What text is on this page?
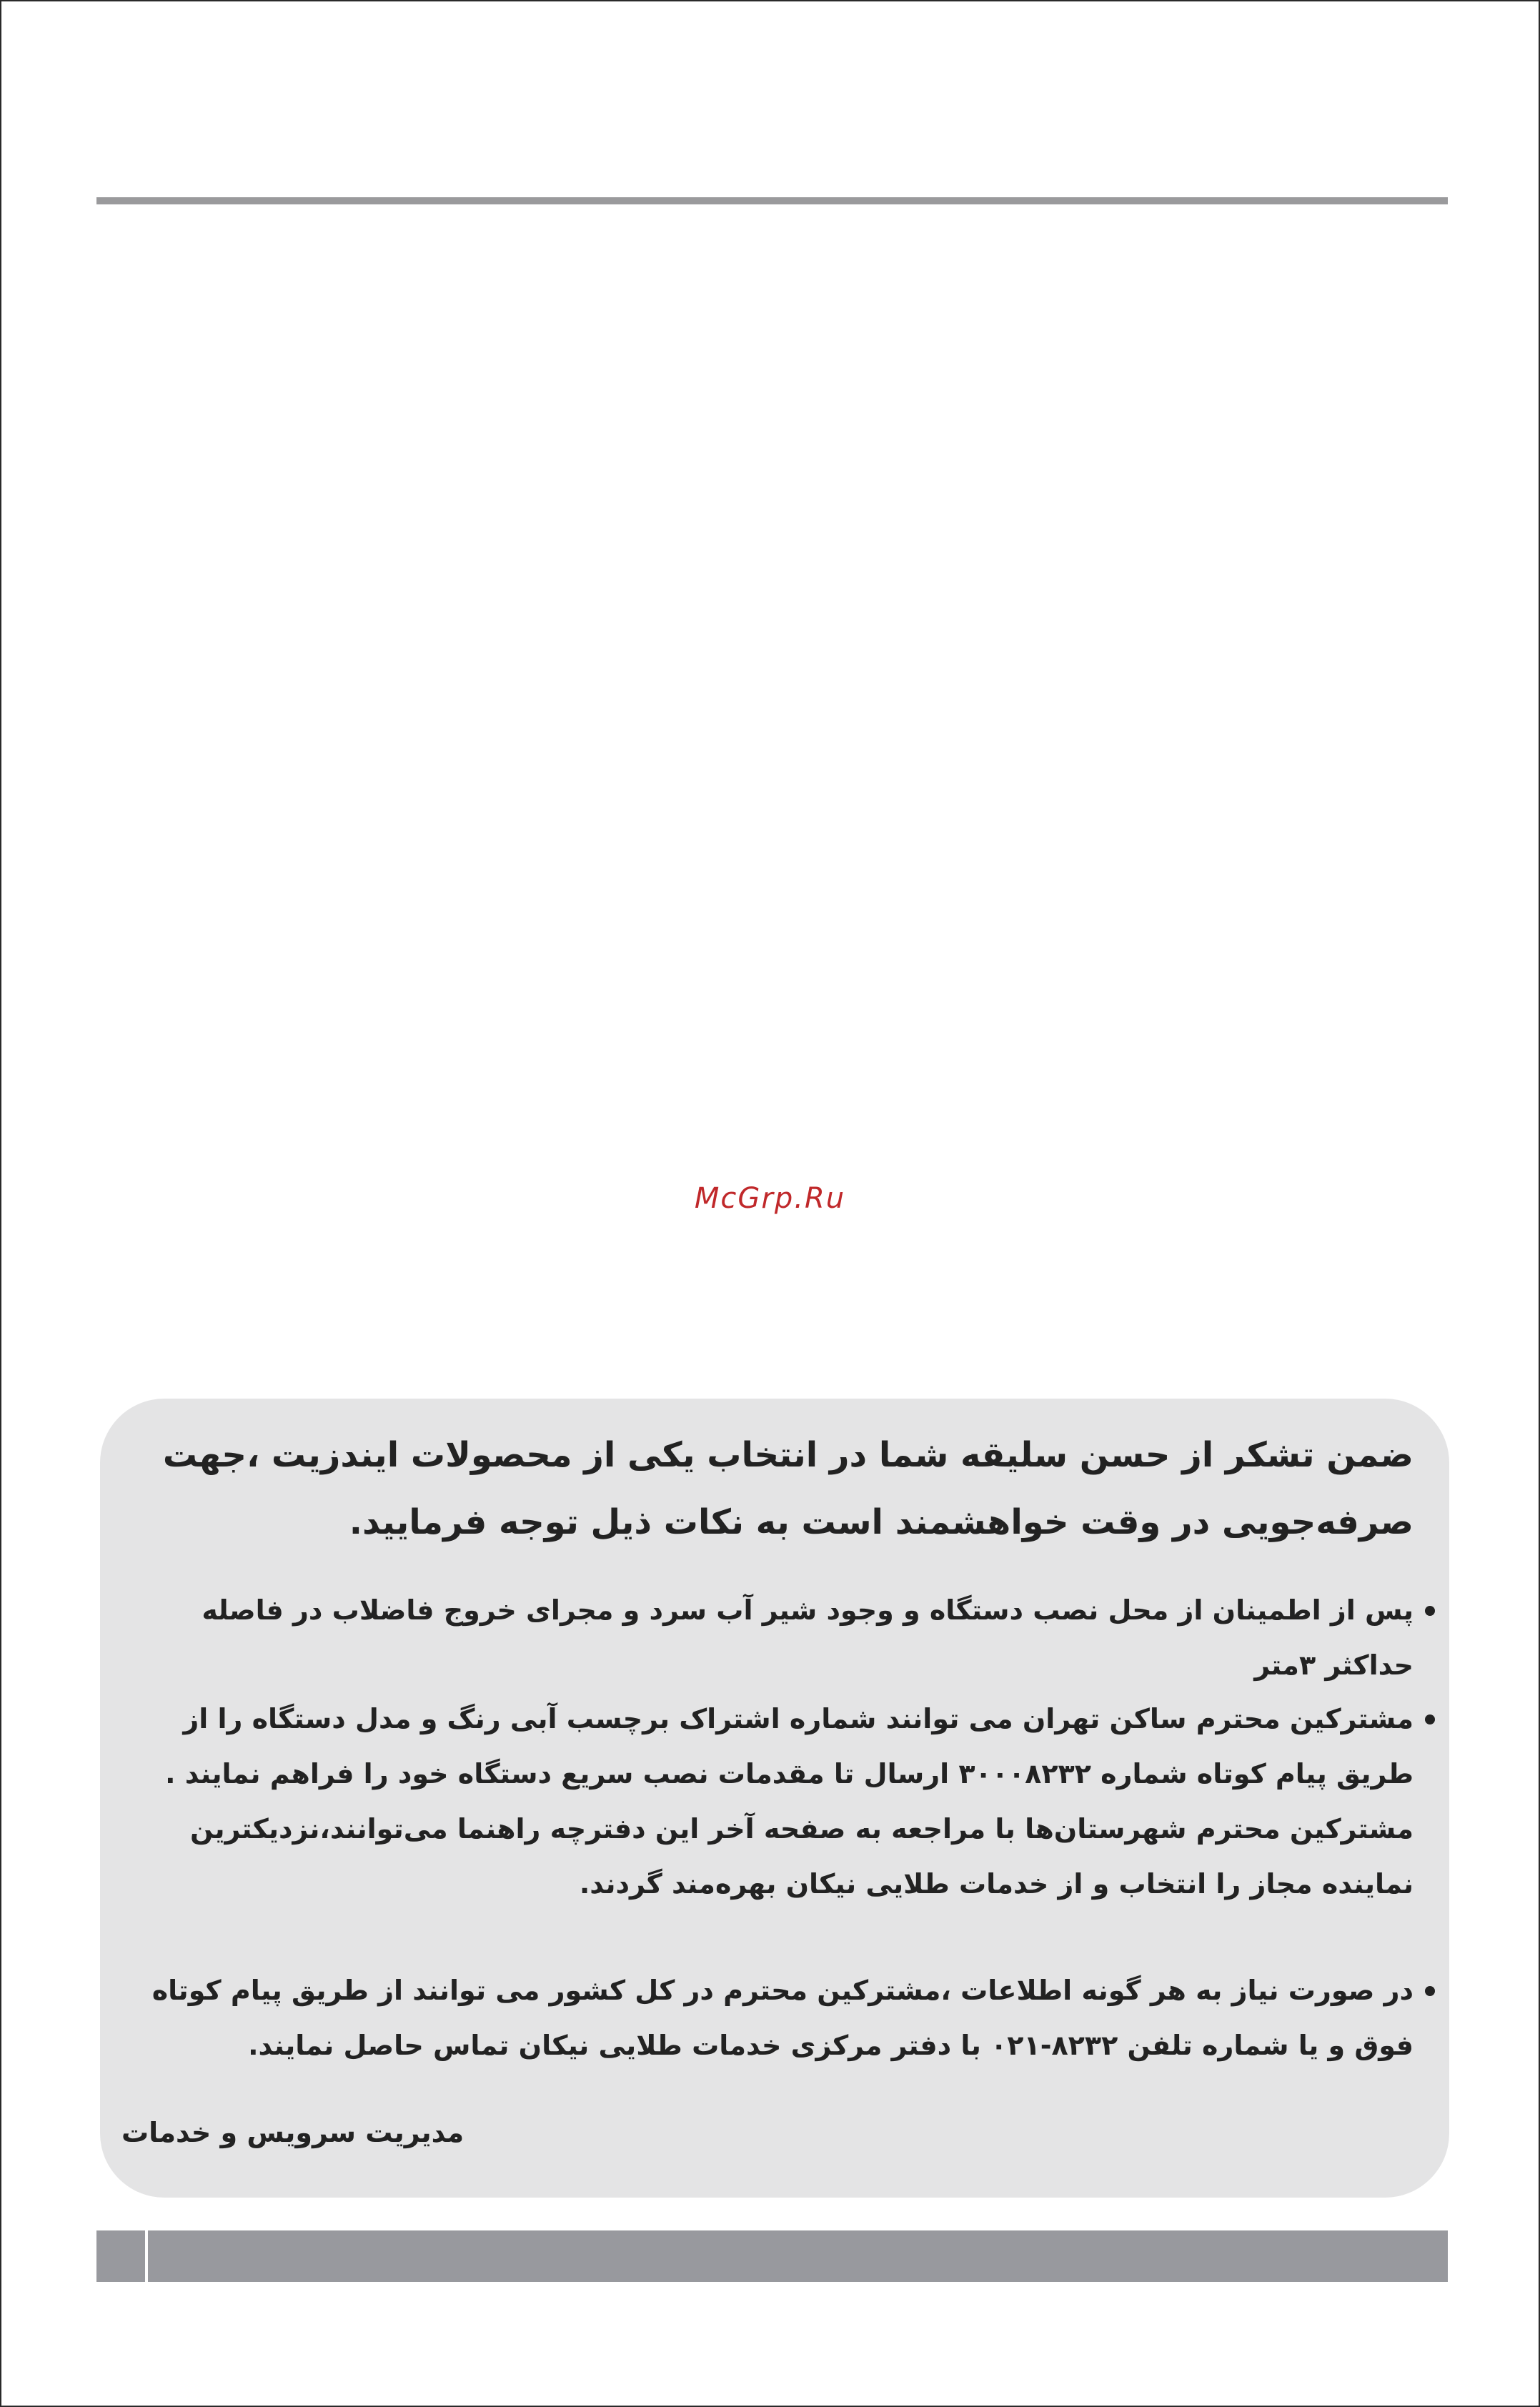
McGrp.Ru
ضمن تشکر از حسن سلیقه شما در انتخاب یکی از محصولات ایندزیت ،جهت صرفه‌جویی در وقت خواهشمند است به نکات ذیل توجه فرمایید.
پس از اطمینان از محل نصب دستگاه و وجود شیر آب سرد و مجرای خروج فاضلاب در فاصله حداکثر ۳متر
مشترکین محترم ساکن تهران می توانند شماره اشتراک برچسب آبی رنگ و مدل دستگاه را از طریق پیام کوتاه شماره ۳۰۰۰۸۲۳۲ ارسال تا مقدمات نصب سریع دستگاه خود را فراهم نمایند . مشترکین محترم شهرستان‌ها با مراجعه به صفحه آخر این دفترچه راهنما می‌توانند،نزدیکترین نماینده مجاز را انتخاب و از خدمات طلایی نیکان بهره‌مند گردند.
در صورت نیاز به هر گونه اطلاعات ،مشترکین محترم در کل کشور می توانند از طریق پیام کوتاه فوق و یا شماره تلفن ۸۲۳۲-۰۲۱ با دفتر مرکزی خدمات طلایی نیکان تماس حاصل نمایند.
مدیریت سرویس و خدمات
